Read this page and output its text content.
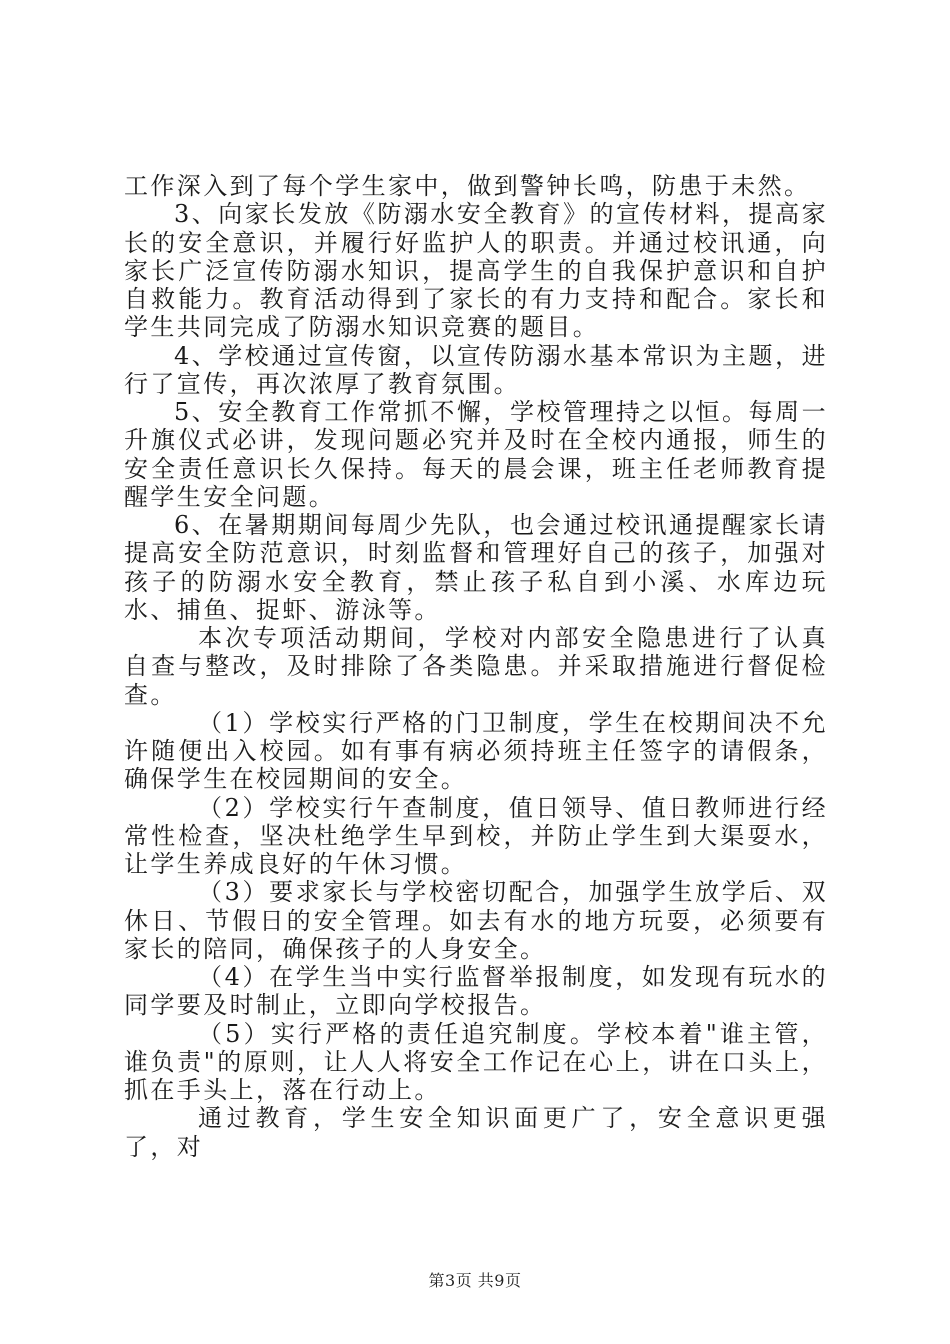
工作深入到了每个学生家中，做到警钟长鸣，防患于未然。

3、向家长发放《防溺水安全教育》的宣传材料，提高家长的安全意识，并履行好监护人的职责。并通过校讯通，向家长广泛宣传防溺水知识，提高学生的自我保护意识和自护自救能力。教育活动得到了家长的有力支持和配合。家长和学生共同完成了防溺水知识竞赛的题目。

4、学校通过宣传窗，以宣传防溺水基本常识为主题，进行了宣传，再次浓厚了教育氛围。

5、安全教育工作常抓不懈，学校管理持之以恒。每周一升旗仪式必讲，发现问题必究并及时在全校内通报，师生的安全责任意识长久保持。每天的晨会课，班主任老师教育提醒学生安全问题。

6、在暑期期间每周少先队，也会通过校讯通提醒家长请提高安全防范意识，时刻监督和管理好自己的孩子，加强对孩子的防溺水安全教育，禁止孩子私自到小溪、水库边玩水、捕鱼、捉虾、游泳等。

本次专项活动期间，学校对内部安全隐患进行了认真自查与整改，及时排除了各类隐患。并采取措施进行督促检查。

（1）学校实行严格的门卫制度，学生在校期间决不允许随便出入校园。如有事有病必须持班主任签字的请假条，确保学生在校园期间的安全。

（2）学校实行午查制度，值日领导、值日教师进行经常性检查，坚决杜绝学生早到校，并防止学生到大渠耍水，让学生养成良好的午休习惯。

（3）要求家长与学校密切配合，加强学生放学后、双休日、节假日的安全管理。如去有水的地方玩耍，必须要有家长的陪同，确保孩子的人身安全。

（4）在学生当中实行监督举报制度，如发现有玩水的同学要及时制止，立即向学校报告。

（5）实行严格的责任追究制度。学校本着"谁主管，谁负责"的原则，让人人将安全工作记在心上，讲在口头上，抓在手头上，落在行动上。

通过教育，学生安全知识面更广了，安全意识更强了，对

第3页 共9页
